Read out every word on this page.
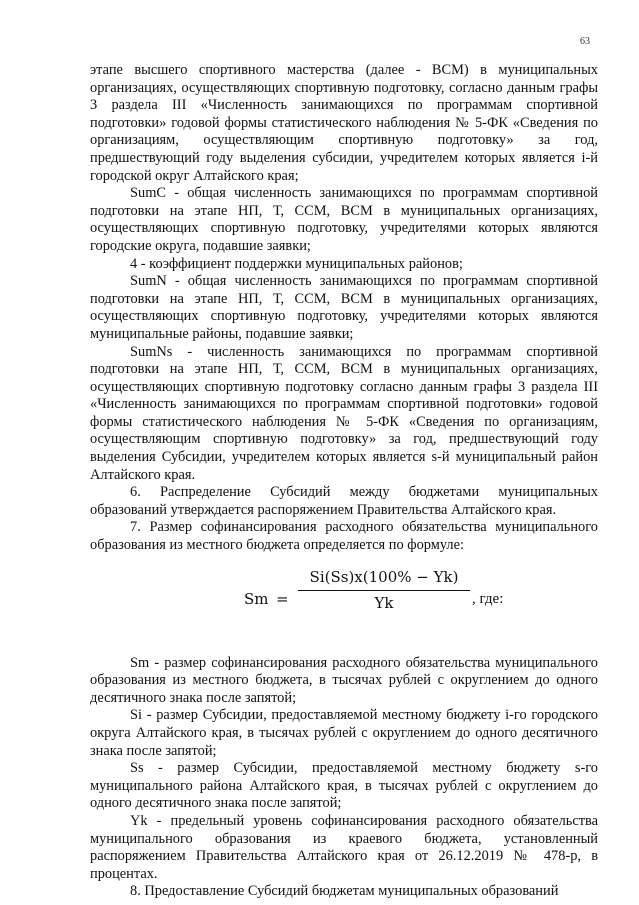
63

этапе высшего спортивного мастерства (далее - ВСМ) в муниципальных организациях, осуществляющих спортивную подготовку, согласно данным графы 3 раздела III «Численность занимающихся по программам спортивной подготовки» годовой формы статистического наблюдения № 5-ФК «Сведения по организациям, осуществляющим спортивную подготовку» за год, предшествующий году выделения субсидии, учредителем которых является i-й городской округ Алтайского края;

SumC - общая численность занимающихся по программам спортивной подготовки на этапе НП, Т, ССМ, ВСМ в муниципальных организациях, осуществляющих спортивную подготовку, учредителями которых являются городские округа, подавшие заявки;

4 - коэффициент поддержки муниципальных районов;

SumN - общая численность занимающихся по программам спортивной подготовки на этапе НП, Т, ССМ, ВСМ в муниципальных организациях, осуществляющих спортивную подготовку, учредителями которых являются муниципальные районы, подавшие заявки;

SumNs - численность занимающихся по программам спортивной подготовки на этапе НП, Т, ССМ, ВСМ в муниципальных организациях, осуществляющих спортивную подготовку согласно данным графы 3 раздела III «Численность занимающихся по программам спортивной подготовки» годовой формы статистического наблюдения № 5-ФК «Сведения по организациям, осуществляющим спортивную подготовку» за год, предшествующий году выделения Субсидии, учредителем которых является s-й муниципальный район Алтайского края.

6. Распределение Субсидий между бюджетами муниципальных образований утверждается распоряжением Правительства Алтайского края.

7. Размер софинансирования расходного обязательства муниципального образования из местного бюджета определяется по формуле:

Sm =
Si(Ss)x(100% − Yk)
Yk	, где:

Sm - размер софинансирования расходного обязательства муниципального образования из местного бюджета, в тысячах рублей с округлением до одного десятичного знака после запятой;

Si - размер Субсидии, предоставляемой местному бюджету i-го городского округа Алтайского края, в тысячах рублей с округлением до одного десятичного знака после запятой;

Ss - размер Субсидии, предоставляемой местному бюджету s-го муниципального района Алтайского края, в тысячах рублей с округлением до одного десятичного знака после запятой;

Yk - предельный уровень софинансирования расходного обязательства муниципального образования из краевого бюджета, установленный распоряжением Правительства Алтайского края от 26.12.2019 № 478-р, в процентах.

8. Предоставление Субсидий бюджетам муниципальных образований
